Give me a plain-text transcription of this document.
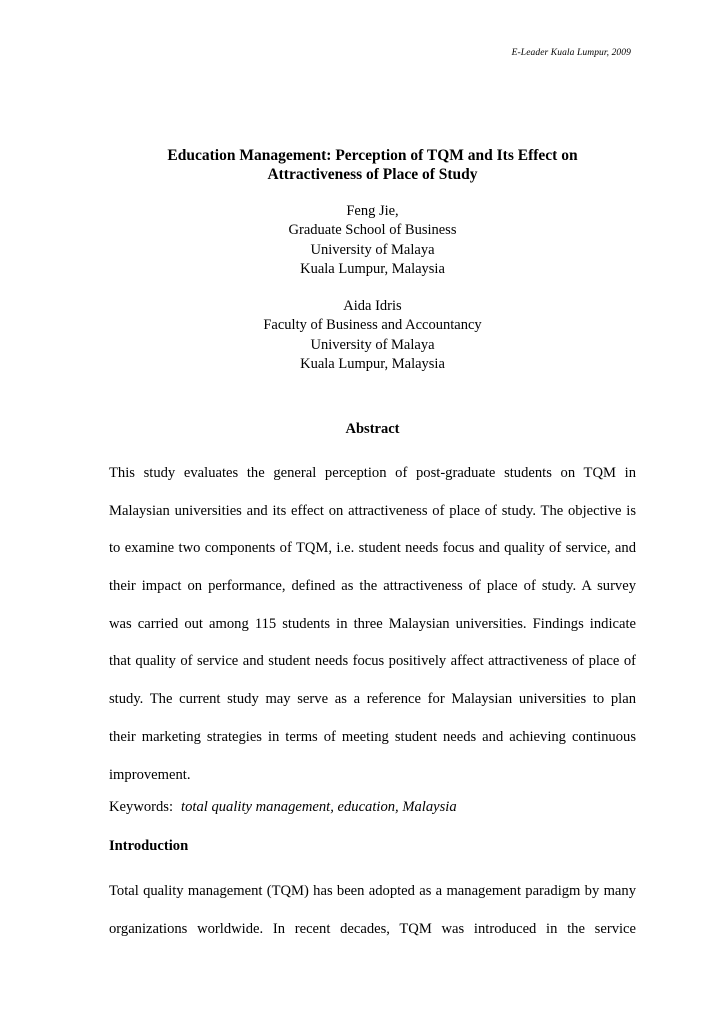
E-Leader Kuala Lumpur, 2009
Education Management: Perception of TQM and Its Effect on
Attractiveness of Place of Study
Feng Jie,
Graduate School of Business
University of Malaya
Kuala Lumpur, Malaysia
Aida Idris
Faculty of Business and Accountancy
University of Malaya
Kuala Lumpur, Malaysia
Abstract
This study evaluates the general perception of post-graduate students on TQM in
Malaysian universities and its effect on attractiveness of place of study. The objective is
to examine two components of TQM, i.e. student needs focus and quality of service, and
their impact on performance, defined as the attractiveness of place of study. A survey
was carried out among 115 students in three Malaysian universities. Findings indicate
that quality of service and student needs focus positively affect attractiveness of place of
study. The current study may serve as a reference for Malaysian universities to plan
their marketing strategies in terms of meeting student needs and achieving continuous
improvement.
Keywords: total quality management, education, Malaysia
Introduction
Total quality management (TQM) has been adopted as a management paradigm by many
organizations worldwide. In recent decades, TQM was introduced in the service
